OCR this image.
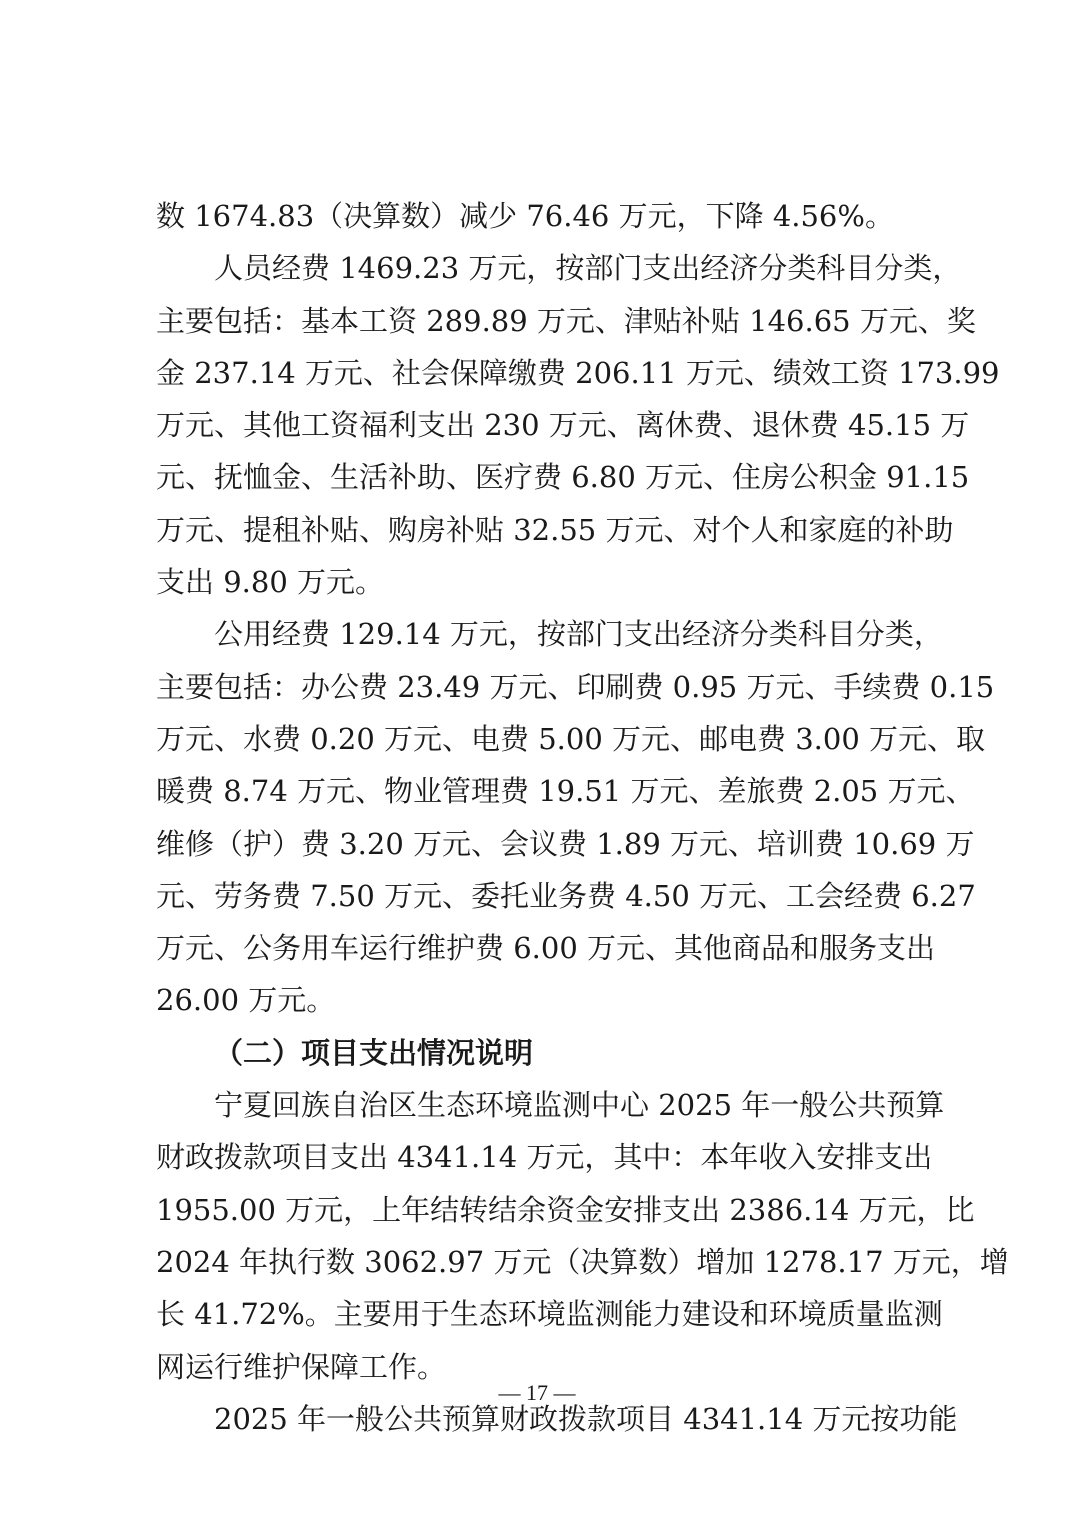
数 1674.83（决算数）减少 76.46 万元，下降 4.56%。
人员经费 1469.23 万元，按部门支出经济分类科目分类，
主要包括：基本工资 289.89 万元、津贴补贴 146.65 万元、奖
金 237.14 万元、社会保障缴费 206.11 万元、绩效工资 173.99
万元、其他工资福利支出 230 万元、离休费、退休费 45.15 万
元、抚恤金、生活补助、医疗费 6.80 万元、住房公积金 91.15
万元、提租补贴、购房补贴 32.55 万元、对个人和家庭的补助
支出 9.80 万元。
公用经费 129.14 万元，按部门支出经济分类科目分类，
主要包括：办公费 23.49 万元、印刷费 0.95 万元、手续费 0.15
万元、水费 0.20 万元、电费 5.00 万元、邮电费 3.00 万元、取
暖费 8.74 万元、物业管理费 19.51 万元、差旅费 2.05 万元、
维修（护）费 3.20 万元、会议费 1.89 万元、培训费 10.69 万
元、劳务费 7.50 万元、委托业务费 4.50 万元、工会经费 6.27
万元、公务用车运行维护费 6.00 万元、其他商品和服务支出
26.00 万元。
（二）项目支出情况说明
宁夏回族自治区生态环境监测中心 2025 年一般公共预算
财政拨款项目支出 4341.14 万元，其中：本年收入安排支出
1955.00 万元，上年结转结余资金安排支出 2386.14 万元，比
2024 年执行数 3062.97 万元（决算数）增加 1278.17 万元，增
长 41.72%。主要用于生态环境监测能力建设和环境质量监测
网运行维护保障工作。
2025 年一般公共预算财政拨款项目 4341.14 万元按功能
— 17 —
